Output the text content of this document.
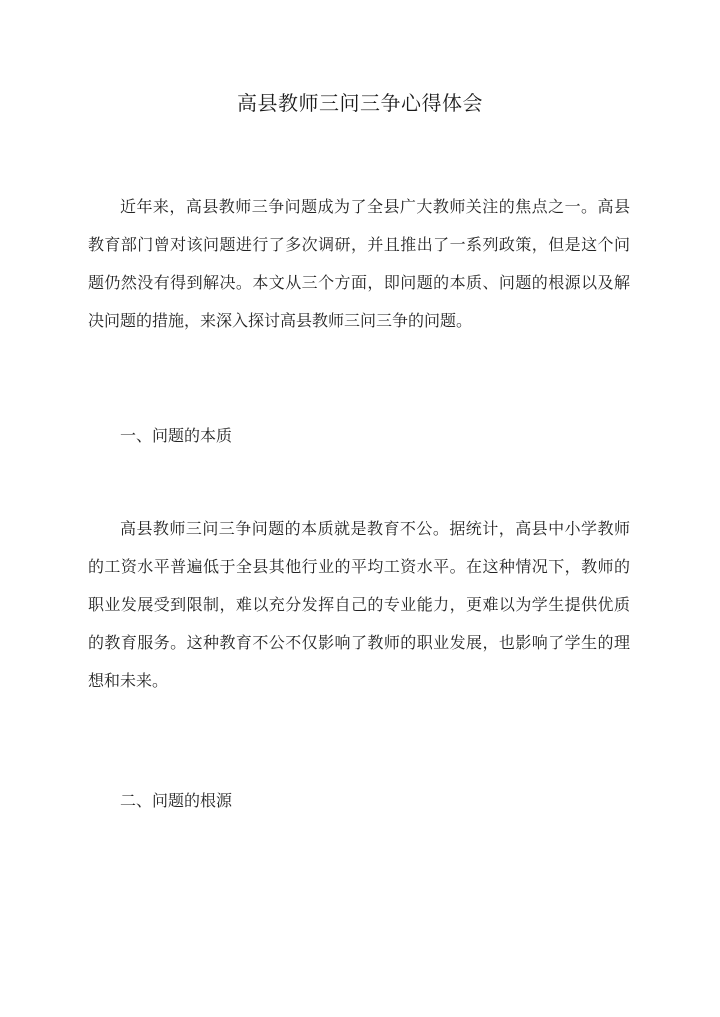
高县教师三问三争心得体会
近年来，高县教师三争问题成为了全县广大教师关注的焦点之一。高县教育部门曾对该问题进行了多次调研，并且推出了一系列政策，但是这个问题仍然没有得到解决。本文从三个方面，即问题的本质、问题的根源以及解决问题的措施，来深入探讨高县教师三问三争的问题。
一、问题的本质
高县教师三问三争问题的本质就是教育不公。据统计，高县中小学教师的工资水平普遍低于全县其他行业的平均工资水平。在这种情况下，教师的职业发展受到限制，难以充分发挥自己的专业能力，更难以为学生提供优质的教育服务。这种教育不公不仅影响了教师的职业发展，也影响了学生的理想和未来。
二、问题的根源
